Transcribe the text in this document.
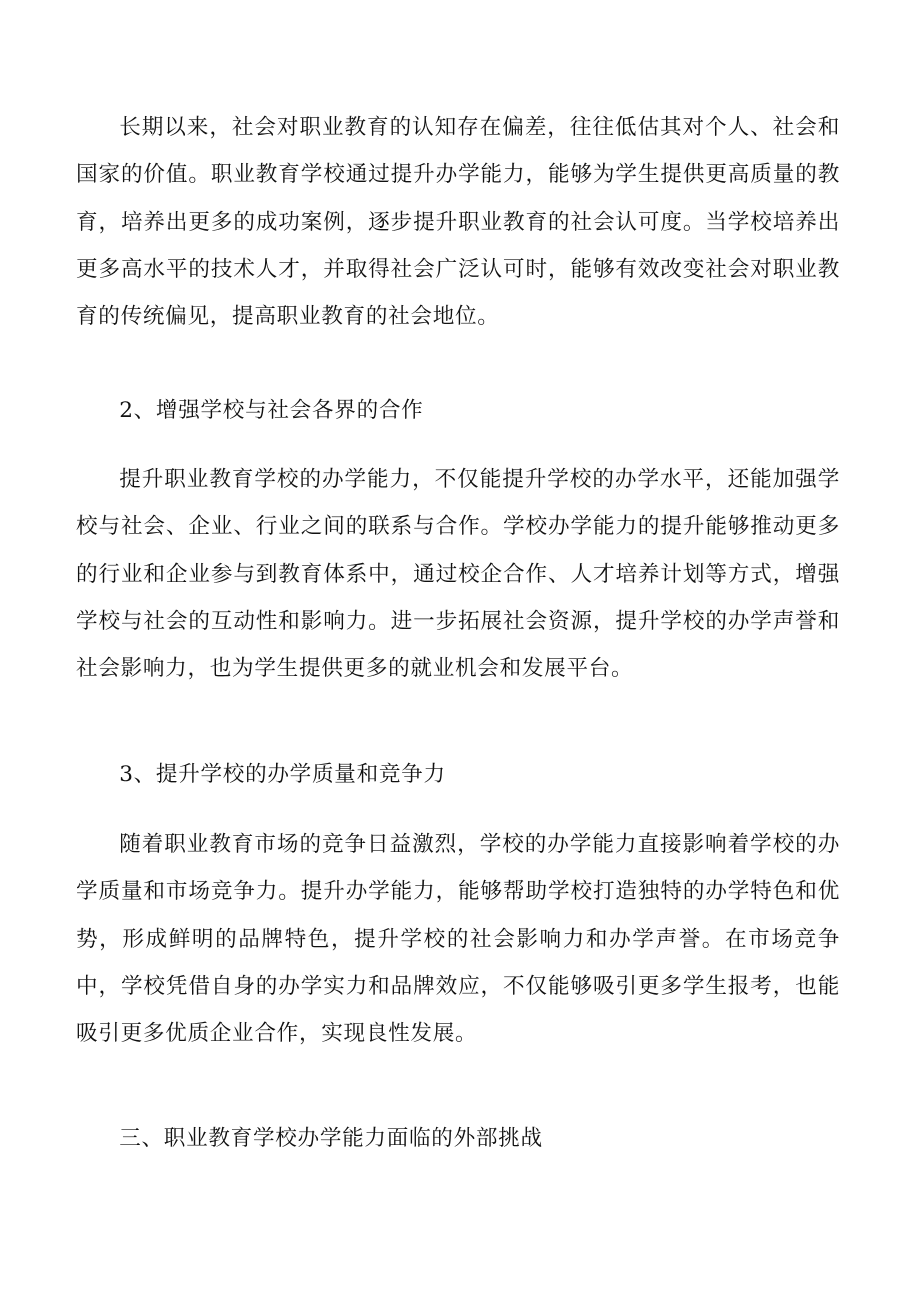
长期以来，社会对职业教育的认知存在偏差，往往低估其对个人、社会和国家的价值。职业教育学校通过提升办学能力，能够为学生提供更高质量的教育，培养出更多的成功案例，逐步提升职业教育的社会认可度。当学校培养出更多高水平的技术人才，并取得社会广泛认可时，能够有效改变社会对职业教育的传统偏见，提高职业教育的社会地位。

2、增强学校与社会各界的合作

提升职业教育学校的办学能力，不仅能提升学校的办学水平，还能加强学校与社会、企业、行业之间的联系与合作。学校办学能力的提升能够推动更多的行业和企业参与到教育体系中，通过校企合作、人才培养计划等方式，增强学校与社会的互动性和影响力。进一步拓展社会资源，提升学校的办学声誉和社会影响力，也为学生提供更多的就业机会和发展平台。

3、提升学校的办学质量和竞争力

随着职业教育市场的竞争日益激烈，学校的办学能力直接影响着学校的办学质量和市场竞争力。提升办学能力，能够帮助学校打造独特的办学特色和优势，形成鲜明的品牌特色，提升学校的社会影响力和办学声誉。在市场竞争中，学校凭借自身的办学实力和品牌效应，不仅能够吸引更多学生报考，也能吸引更多优质企业合作，实现良性发展。

三、职业教育学校办学能力面临的外部挑战
